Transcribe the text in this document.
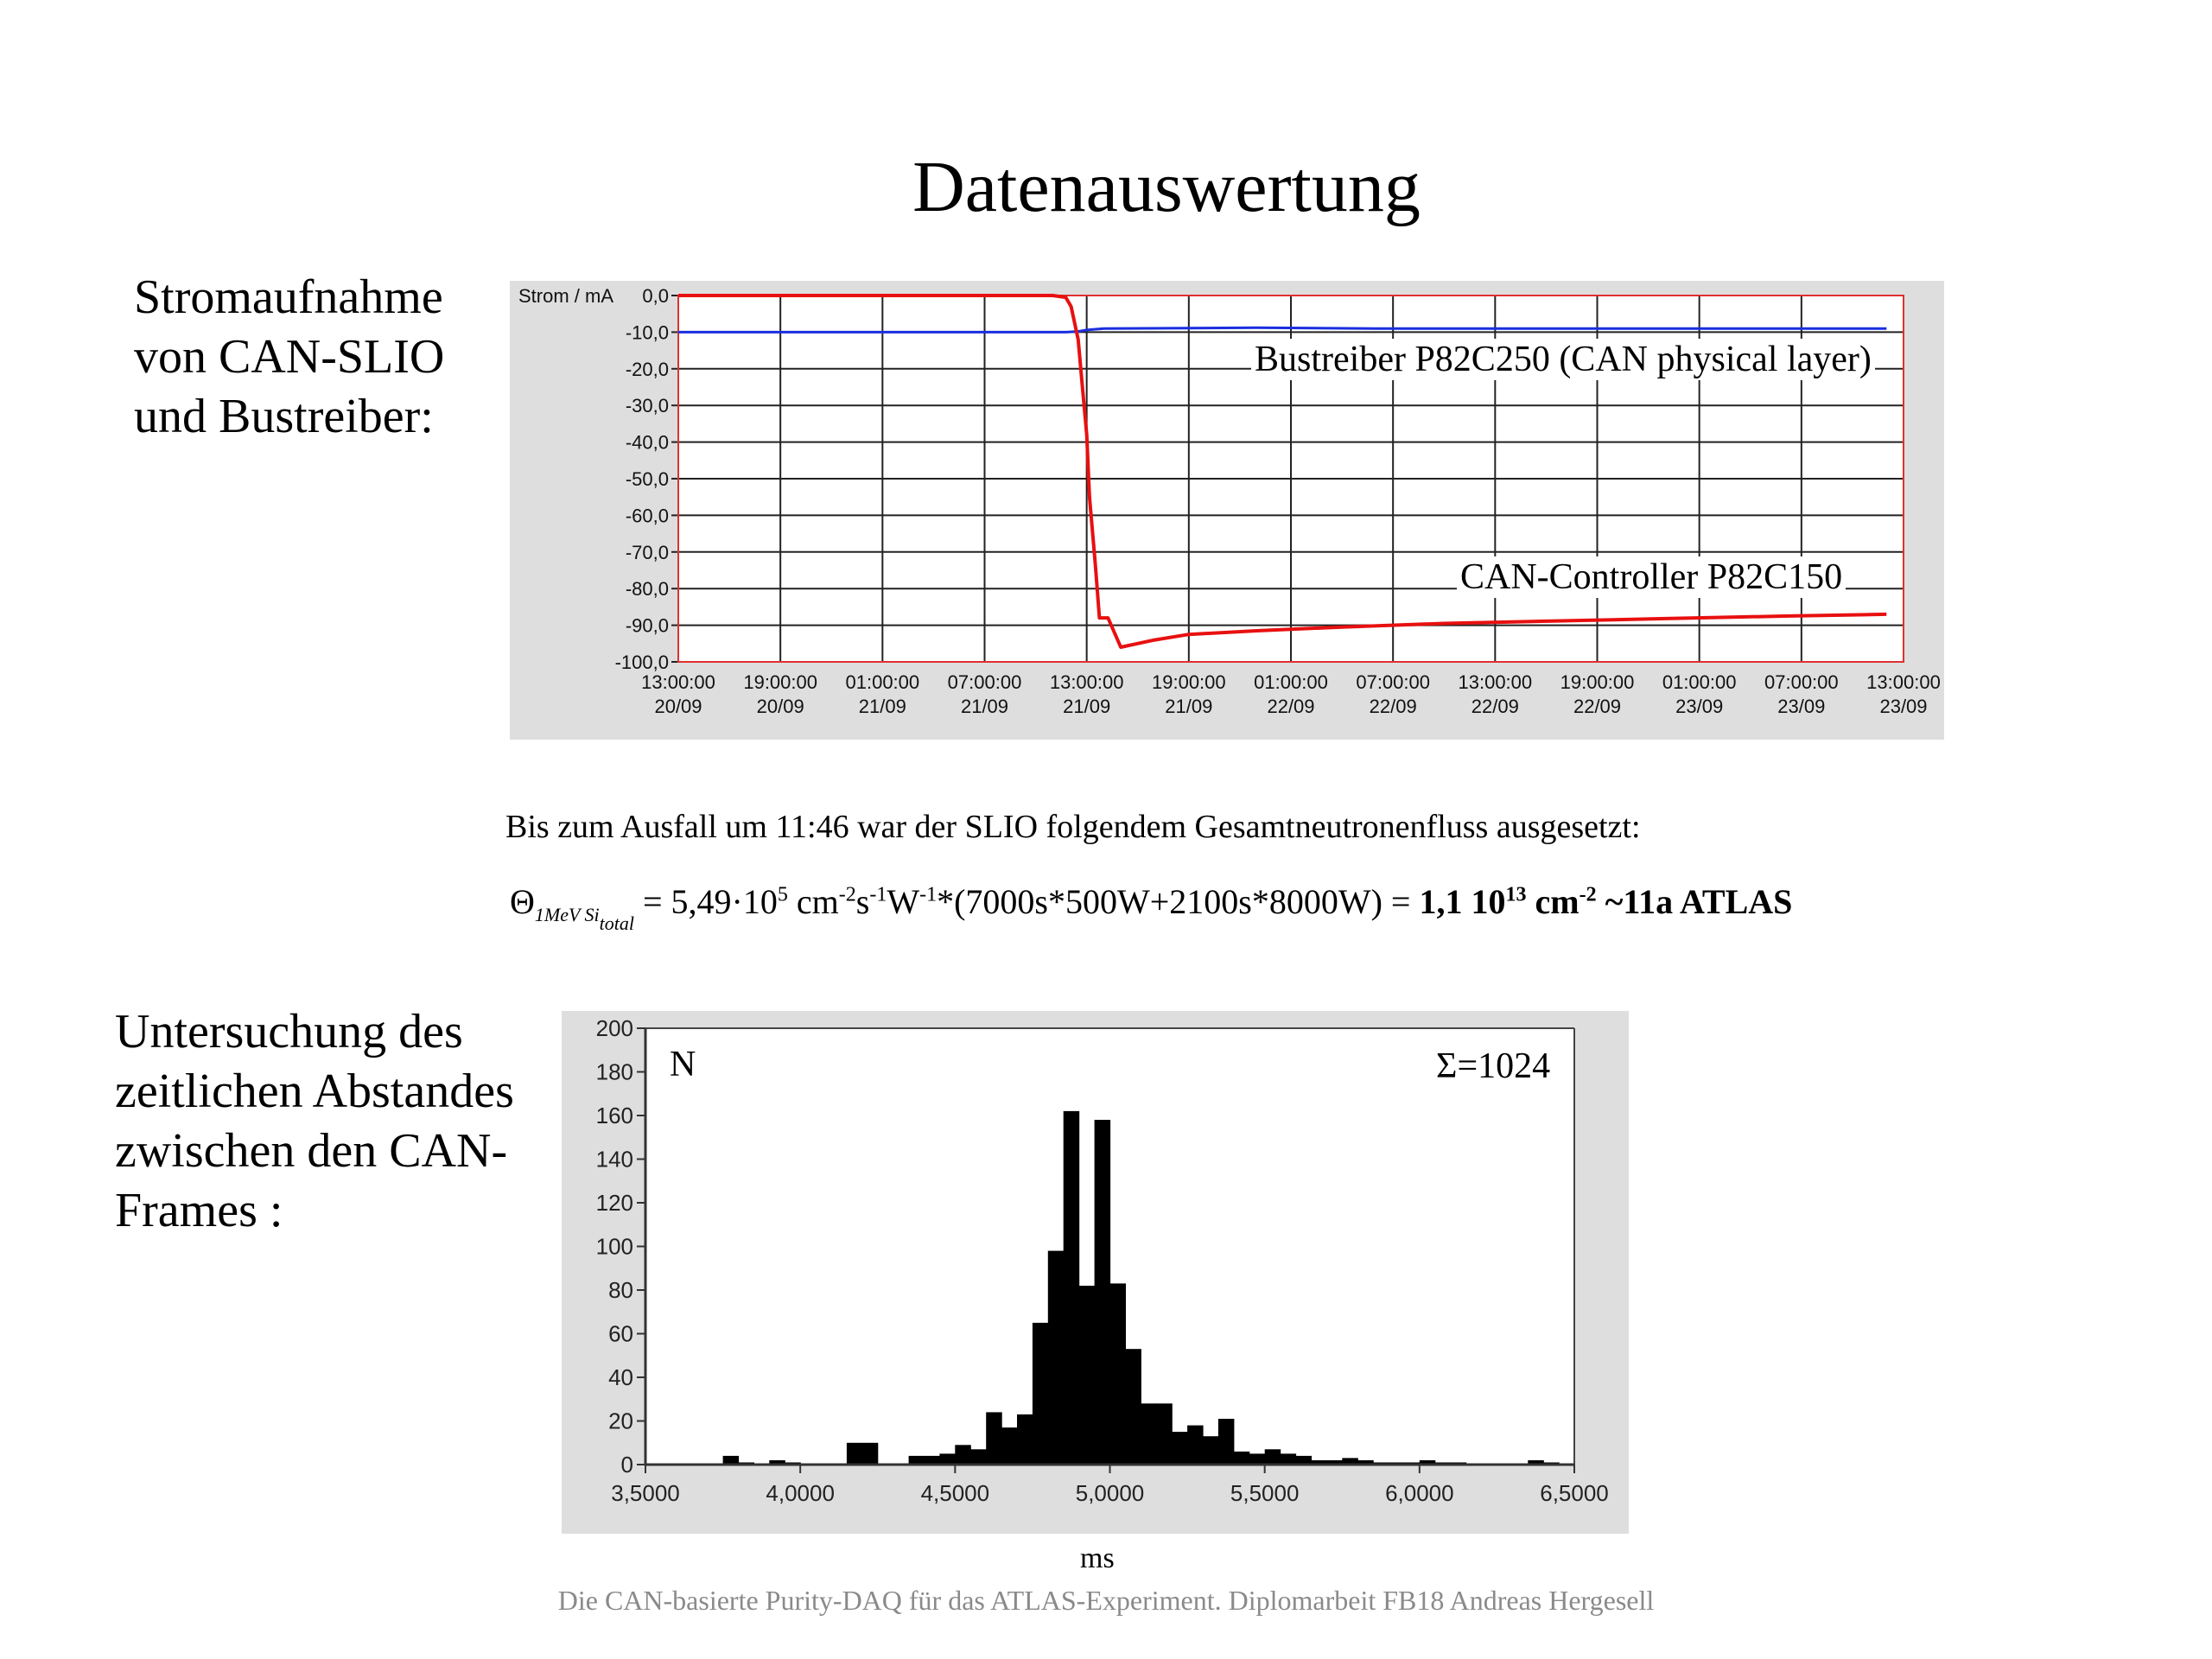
Datenauswertung
Stromaufnahme
von CAN-SLIO
und Bustreiber:
0,0
-10,0
-20,0
-30,0
-40,0
-50,0
-60,0
-70,0
-80,0
-90,0
-100,0
13:00:00
20/09
19:00:00
20/09
01:00:00
21/09
07:00:00
21/09
13:00:00
21/09
19:00:00
21/09
01:00:00
22/09
07:00:00
22/09
13:00:00
22/09
19:00:00
22/09
01:00:00
23/09
07:00:00
23/09
13:00:00
23/09
Strom / mA
Bustreiber P82C250 (CAN physical layer)
CAN-Controller P82C150
Bis zum Ausfall um 11:46 war der SLIO folgendem Gesamtneutronenfluss ausgesetzt:
$\Theta_{1MeV Sitotal} = 5,49\cdot 10^5$ $cm^{-2}s^{-1}W^{-1}*(7000s*500W+2100s*8000W) = 1,1$ $10^{13}$ $cm^{-2}$ ~11a ATLAS
Untersuchung des
zeitlichen Abstandes
zwischen den CAN-
Frames :
0
20
40
60
80
100
120
140
160
180
200
3,5000	4,0000	4,5000	5,0000	5,5000	6,0000	6,5000
N	Σ=1024
ms
Die CAN-basierte Purity-DAQ für das ATLAS-Experiment. Diplomarbeit FB18 Andreas Hergesell
